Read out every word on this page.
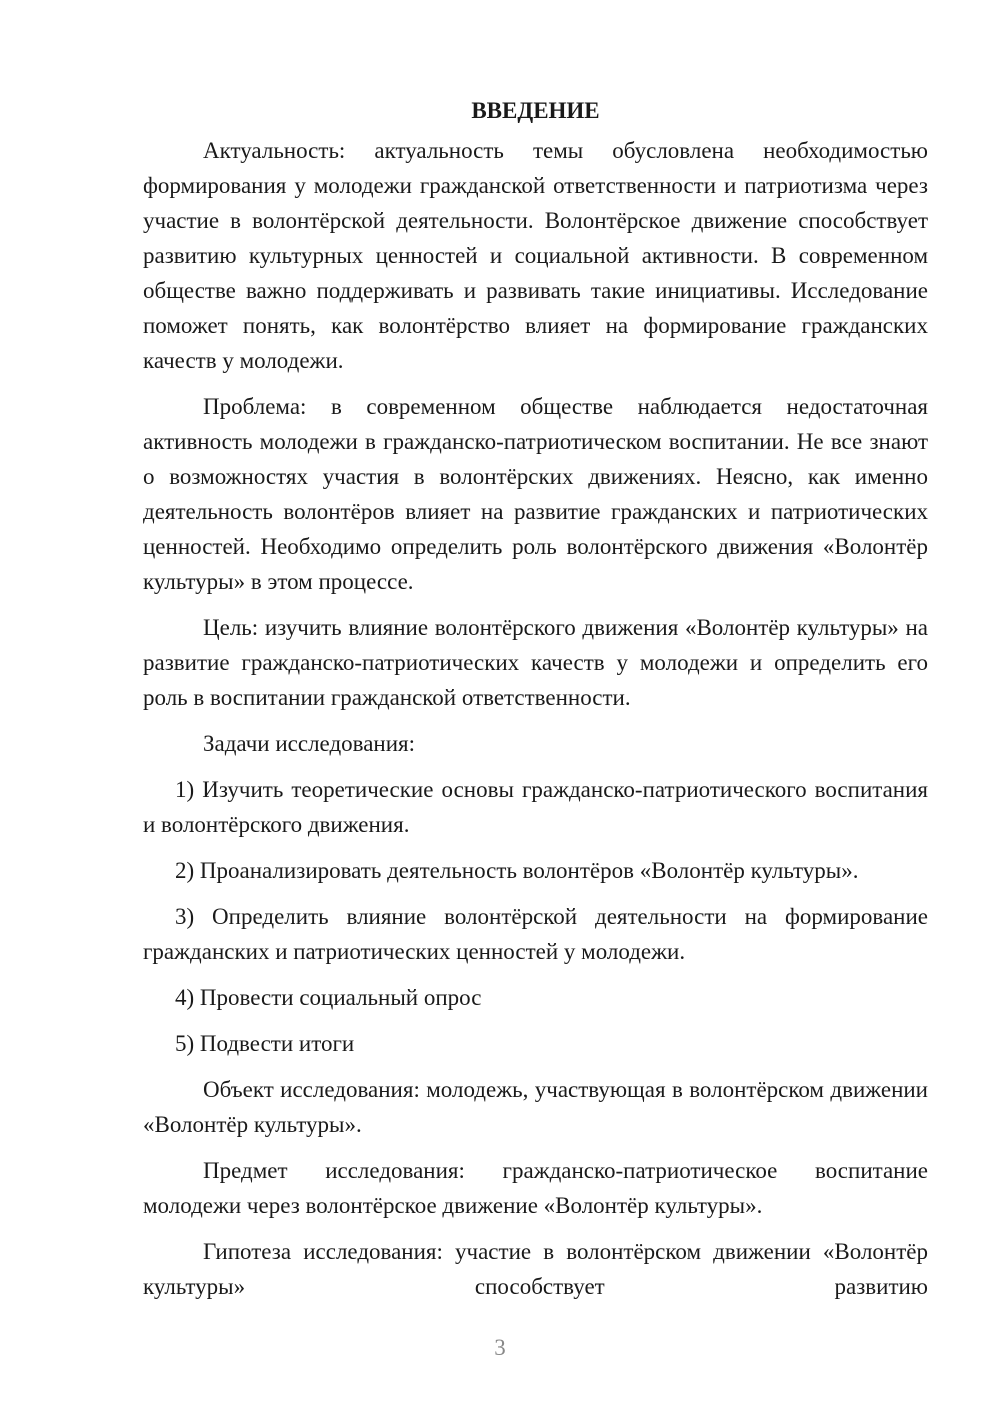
ВВЕДЕНИЕ

Актуальность: актуальность темы обусловлена необходимостью формирования у молодежи гражданской ответственности и патриотизма через участие в волонтёрской деятельности. Волонтёрское движение способствует развитию культурных ценностей и социальной активности. В современном обществе важно поддерживать и развивать такие инициативы. Исследование поможет понять, как волонтёрство влияет на формирование гражданских качеств у молодежи.

Проблема: в современном обществе наблюдается недостаточная активность молодежи в гражданско-патриотическом воспитании. Не все знают о возможностях участия в волонтёрских движениях. Неясно, как именно деятельность волонтёров влияет на развитие гражданских и патриотических ценностей. Необходимо определить роль волонтёрского движения «Волонтёр культуры» в этом процессе.

Цель: изучить влияние волонтёрского движения «Волонтёр культуры» на развитие гражданско-патриотических качеств у молодежи и определить его роль в воспитании гражданской ответственности.

Задачи исследования:

1) Изучить теоретические основы гражданско-патриотического воспитания и волонтёрского движения.

2) Проанализировать деятельность волонтёров «Волонтёр культуры».

3) Определить влияние волонтёрской деятельности на формирование гражданских и патриотических ценностей у молодежи.

4) Провести социальный опрос

5) Подвести итоги

Объект исследования: молодежь, участвующая в волонтёрском движении «Волонтёр культуры».

Предмет исследования: гражданско-патриотическое воспитание молодежи через волонтёрское движение «Волонтёр культуры».

Гипотеза исследования: участие в волонтёрском движении «Волонтёр культуры» способствует развитию

3
